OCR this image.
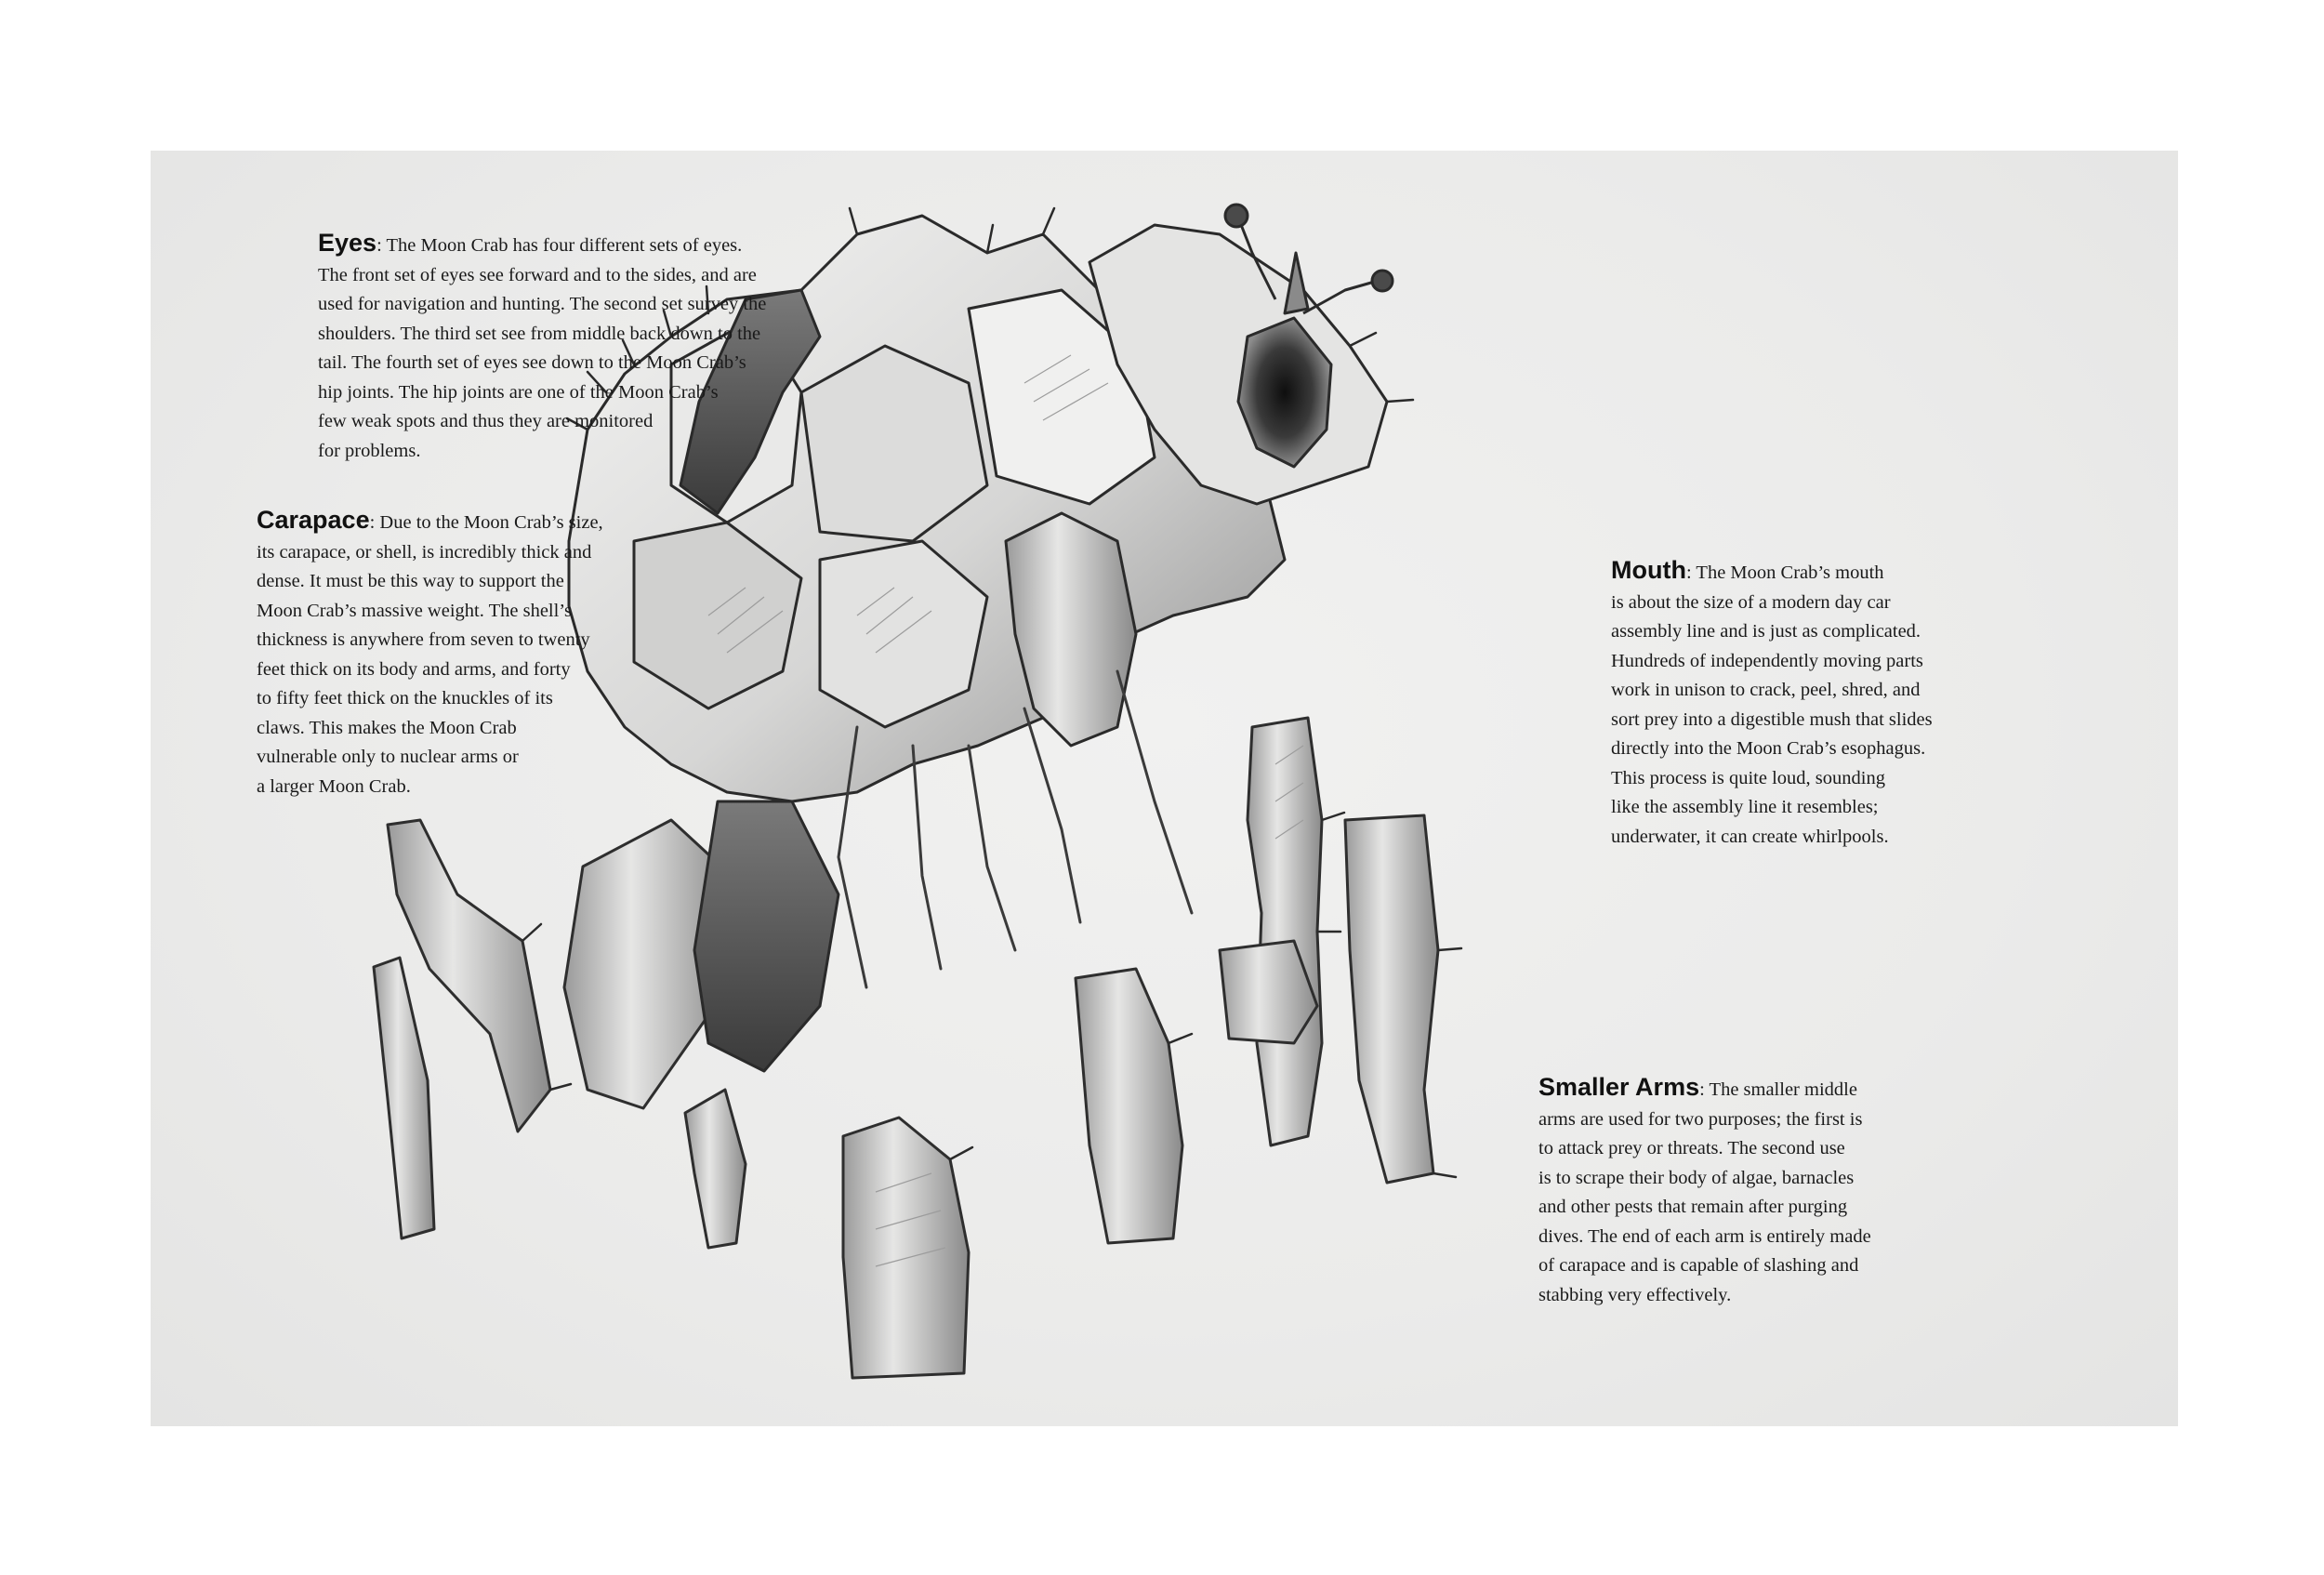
Eyes: The Moon Crab has four different sets of eyes.
The front set of eyes see forward and to the sides, and are
used for navigation and hunting. The second set survey the
shoulders. The third set see from middle back down to the
tail. The fourth set of eyes see down to the Moon Crab’s
hip joints. The hip joints are one of the Moon Crab’s
few weak spots and thus they are monitored
for problems.
Carapace: Due to the Moon Crab’s size,
its carapace, or shell, is incredibly thick and
dense. It must be this way to support the
Moon Crab’s massive weight. The shell’s
thickness is anywhere from seven to twenty
feet thick on its body and arms, and forty
to fifty feet thick on the knuckles of its
claws. This makes the Moon Crab
vulnerable only to nuclear arms or
a larger Moon Crab.
Mouth: The Moon Crab’s mouth
is about the size of a modern day car
assembly line and is just as complicated.
Hundreds of independently moving parts
work in unison to crack, peel, shred, and
sort prey into a digestible mush that slides
directly into the Moon Crab’s esophagus.
This process is quite loud, sounding
like the assembly line it resembles;
underwater, it can create whirlpools.
Smaller Arms: The smaller middle
arms are used for two purposes; the first is
to attack prey or threats. The second use
is to scrape their body of algae, barnacles
and other pests that remain after purging
dives. The end of each arm is entirely made
of carapace and is capable of slashing and
stabbing very effectively.
